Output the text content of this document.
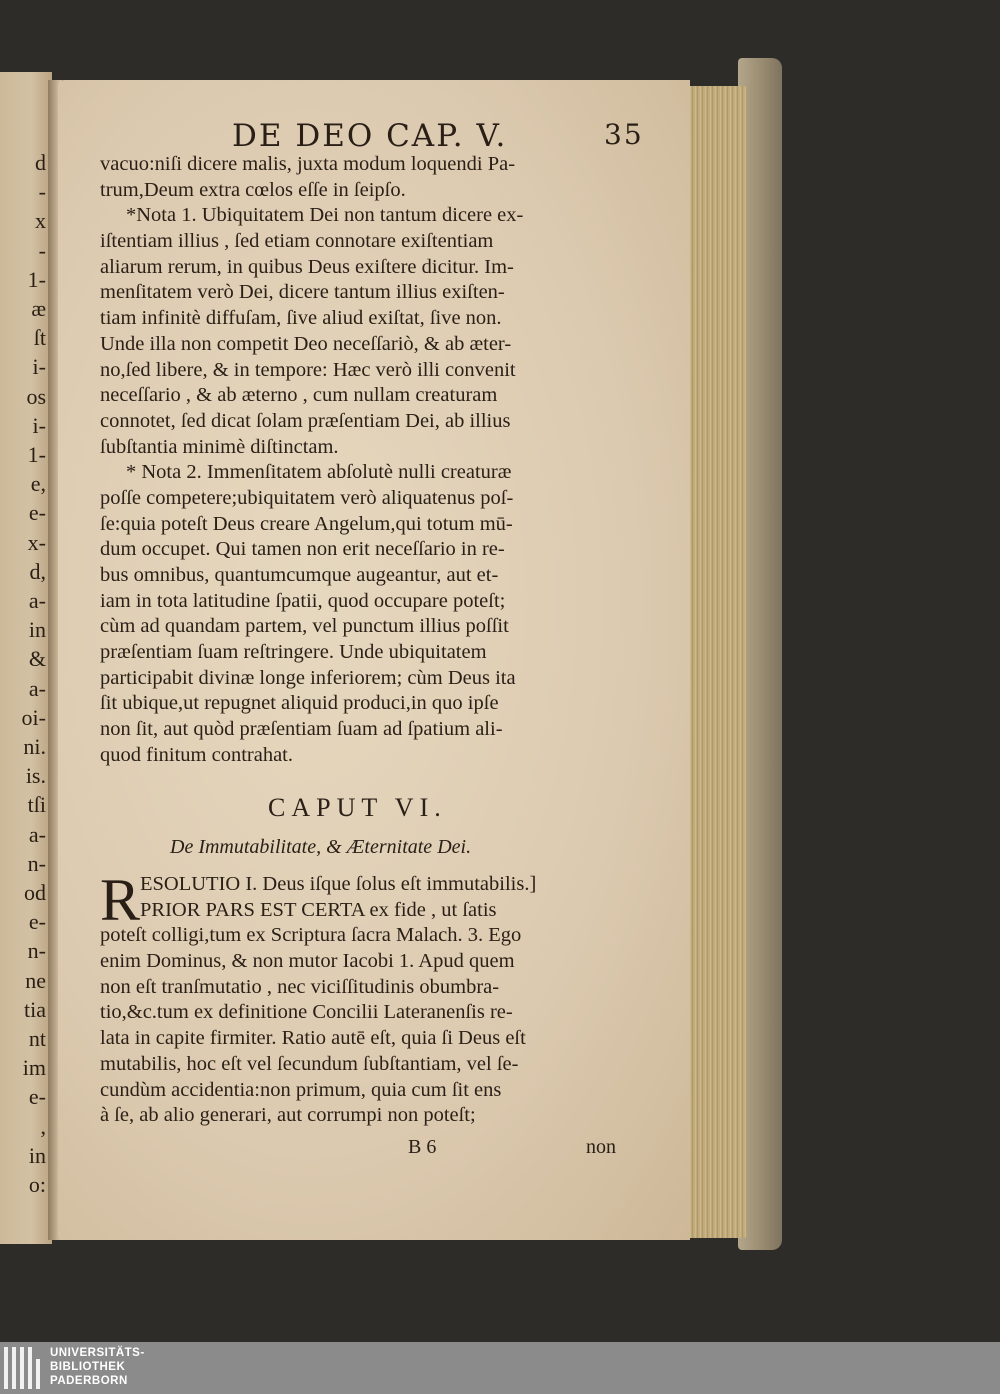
d
-
x
-
1-
æ
ſt
i-
os
i-
1-
e,
e-
x-
d,
a-
in
&
a-
oi-
ni.
is.
tſi
a-
n-
od
e-
n-
ne
tia
nt
im
e-
,
in
o:
DE DEO CAP. V.	35
vacuo:niſi dicere malis, juxta modum loquendi Pa-
trum,Deum extra cœlos eſſe in ſeipſo.
*Nota 1. Ubiquitatem Dei non tantum dicere ex-
iſtentiam illius , ſed etiam connotare exiſtentiam
aliarum rerum, in quibus Deus exiſtere dicitur. Im-
menſitatem verò Dei, dicere tantum illius exiſten-
tiam infinitè diffuſam, ſive aliud exiſtat, ſive non.
Unde illa non competit Deo neceſſariò, & ab æter-
no,ſed libere, & in tempore: Hæc verò illi convenit
neceſſario , & ab æterno , cum nullam creaturam
connotet, ſed dicat ſolam præſentiam Dei, ab illius
ſubſtantia minimè diſtinctam.
* Nota 2. Immenſitatem abſolutè nulli creaturæ
poſſe competere;ubiquitatem verò aliquatenus poſ-
ſe:quia poteſt Deus creare Angelum,qui totum mū-
dum occupet. Qui tamen non erit neceſſario in re-
bus omnibus, quantumcumque augeantur, aut et-
iam in tota latitudine ſpatii, quod occupare poteſt;
cùm ad quandam partem, vel punctum illius poſſit
præſentiam ſuam reſtringere. Unde ubiquitatem
participabit divinæ longe inferiorem; cùm Deus ita
ſit ubique,ut repugnet aliquid produci,in quo ipſe
non ſit, aut quòd præſentiam ſuam ad ſpatium ali-
quod finitum contrahat.
CAPUT VI.
De Immutabilitate, & Æternitate Dei.
R ESOLUTIO I. Deus iſque ſolus eſt immutabilis.]
PRIOR PARS EST CERTA ex fide , ut ſatis
poteſt colligi,tum ex Scriptura ſacra Malach. 3. Ego
enim Dominus, & non mutor Iacobi 1. Apud quem
non eſt tranſmutatio , nec viciſſitudinis obumbra-
tio,&c.tum ex definitione Concilii Lateranenſis re-
lata in capite firmiter. Ratio autē eſt, quia ſi Deus eſt
mutabilis, hoc eſt vel ſecundum ſubſtantiam, vel ſe-
cundùm accidentia:non primum, quia cum ſit ens
à ſe, ab alio generari, aut corrumpi non poteſt;
B 6	non
UNIVERSITÄTS-
BIBLIOTHEK
PADERBORN
